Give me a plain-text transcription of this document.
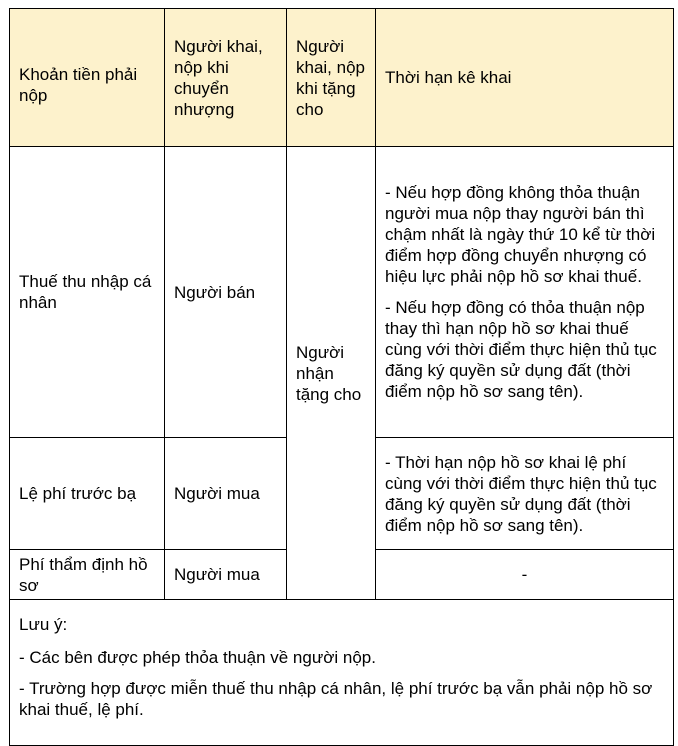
Khoản tiền phải nộp	Người khai, nộp khi chuyển nhượng	Người khai, nộp khi tặng cho	Thời hạn kê khai
Thuế thu nhập cá nhân	Người bán	Người nhận tặng cho	- Nếu hợp đồng không thỏa thuận người mua nộp thay người bán thì chậm nhất là ngày thứ 10 kể từ thời điểm hợp đồng chuyển nhượng có hiệu lực phải nộp hồ sơ khai thuế.

- Nếu hợp đồng có thỏa thuận nộp thay thì hạn nộp hồ sơ khai thuế cùng với thời điểm thực hiện thủ tục đăng ký quyền sử dụng đất (thời điểm nộp hồ sơ sang tên).

Lệ phí trước bạ	Người mua		- Thời hạn nộp hồ sơ khai lệ phí cùng với thời điểm thực hiện thủ tục đăng ký quyền sử dụng đất (thời điểm nộp hồ sơ sang tên).

Phí thẩm định hồ sơ	Người mua		-

Lưu ý:

- Các bên được phép thỏa thuận về người nộp.

- Trường hợp được miễn thuế thu nhập cá nhân, lệ phí trước bạ vẫn phải nộp hồ sơ khai thuế, lệ phí.			
